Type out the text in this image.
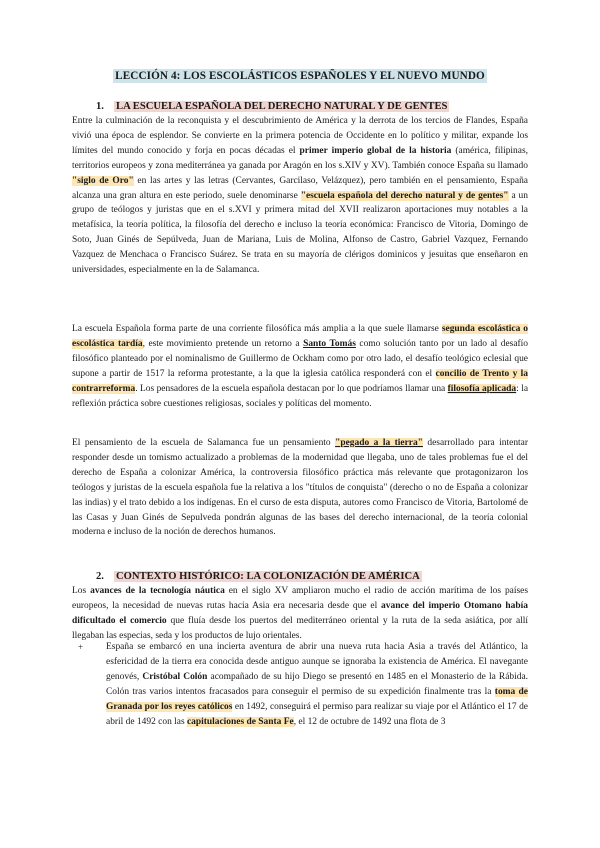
LECCIÓN 4: LOS ESCOLÁSTICOS ESPAÑOLES Y EL NUEVO MUNDO
1. LA ESCUELA ESPAÑOLA DEL DERECHO NATURAL Y DE GENTES

Entre la culminación de la reconquista y el descubrimiento de América y la derrota de los tercios de Flandes, España vivió una época de esplendor. Se convierte en la primera potencia de Occidente en lo político y militar, expande los límites del mundo conocido y forja en pocas décadas el primer imperio global de la historia (américa, filipinas, territorios europeos y zona mediterránea ya ganada por Aragón en los s.XIV y XV). También conoce España su llamado "siglo de Oro" en las artes y las letras (Cervantes, Garcilaso, Velázquez), pero también en el pensamiento, España alcanza una gran altura en este periodo, suele denominarse "escuela española del derecho natural y de gentes" a un grupo de teólogos y juristas que en el s.XVI y primera mitad del XVII realizaron aportaciones muy notables a la metafísica, la teoría política, la filosofía del derecho e incluso la teoría económica: Francisco de Vitoria, Domingo de Soto, Juan Ginés de Sepúlveda, Juan de Mariana, Luis de Molina, Alfonso de Castro, Gabriel Vazquez, Fernando Vazquez de Menchaca o Francisco Suárez. Se trata en su mayoría de clérigos dominicos y jesuitas que enseñaron en universidades, especialmente en la de Salamanca.

La escuela Española forma parte de una corriente filosófica más amplia a la que suele llamarse segunda escolástica o escolástica tardía, este movimiento pretende un retorno a Santo Tomás como solución tanto por un lado al desafío filosófico planteado por el nominalismo de Guillermo de Ockham como por otro lado, el desafío teológico eclesial que supone a partir de 1517 la reforma protestante, a la que la iglesia católica responderá con el concilio de Trento y la contrarreforma. Los pensadores de la escuela española destacan por lo que podríamos llamar una filosofía aplicada: la reflexión práctica sobre cuestiones religiosas, sociales y políticas del momento.

El pensamiento de la escuela de Salamanca fue un pensamiento "pegado a la tierra" desarrollado para intentar responder desde un tomismo actualizado a problemas de la modernidad que llegaba, uno de tales problemas fue el del derecho de España a colonizar América, la controversia filosófico práctica más relevante que protagonizaron los teólogos y juristas de la escuela española fue la relativa a los "títulos de conquista" (derecho o no de España a colonizar las indias) y el trato debido a los indígenas. En el curso de esta disputa, autores como Francisco de Vitoria, Bartolomé de las Casas y Juan Ginés de Sepulveda pondrán algunas de las bases del derecho internacional, de la teoría colonial moderna e incluso de la noción de derechos humanos.

2. CONTEXTO HISTÓRICO: LA COLONIZACIÓN DE AMÉRICA

Los avances de la tecnología náutica en el siglo XV ampliaron mucho el radio de acción marítima de los países europeos, la necesidad de nuevas rutas hacia Asia era necesaria desde que el avance del imperio Otomano había dificultado el comercio que fluía desde los puertos del mediterráneo oriental y la ruta de la seda asiática, por allí llegaban las especias, seda y los productos de lujo orientales.

+	España se embarcó en una incierta aventura de abrir una nueva ruta hacia Asia a través del Atlántico, la esfericidad de la tierra era conocida desde antiguo aunque se ignoraba la existencia de América. El navegante genovés, Cristóbal Colón acompañado de su hijo Diego se presentó en 1485 en el Monasterio de la Rábida. Colón tras varios intentos fracasados para conseguir el permiso de su expedición finalmente tras la toma de Granada por los reyes católicos en 1492, conseguirá el permiso para realizar su viaje por el Atlántico el 17 de abril de 1492 con las capitulaciones de Santa Fe, el 12 de octubre de 1492 una flota de 3
